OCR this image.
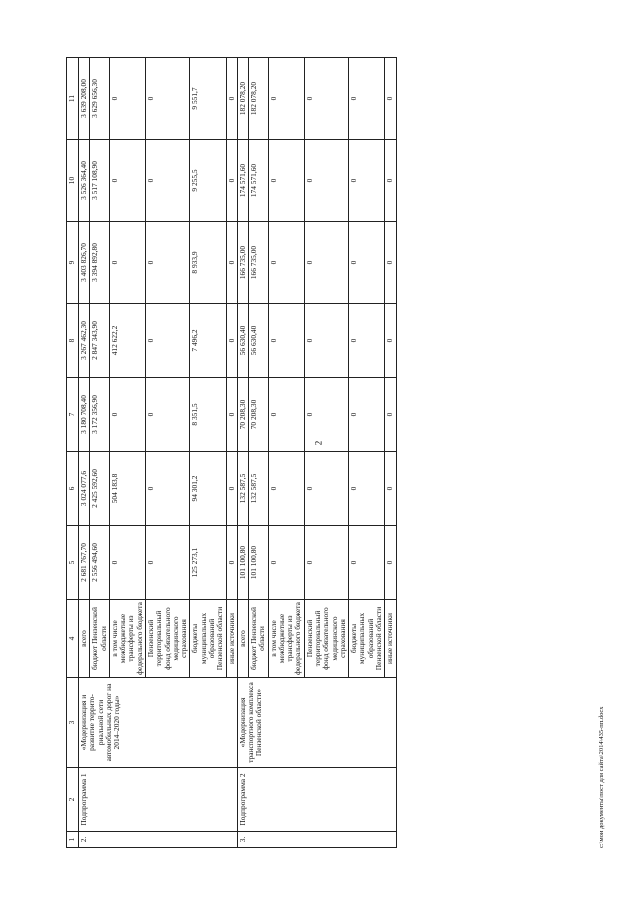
2
1	2	3	4	5	6	7	8	9	10	11
2.	Подпрограмма 1	«Модернизация и развитие террито-риальной сети автомобильных дорог на 2014–2020 годы»	всего	2 681 767,70	3 024 077,6	3 180 708,40	3 267 462,30	3 403 826,70	3 526 364,40	3 639 208,00
			бюджет Пензенской области	2 556 494,60	2 425 592,60	3 172 356,90	2 847 343,90	3 394 892,80	3 517 108,90	3 629 656,30
			в том числе межбюджетные трансферты из федерального бюджета	0	504 183,8	0	412 622,2	0	0	0
			Пензенский территориальный фонд обязательного медицинского страхования	0	0	0	0	0	0	0
			бюджеты муниципальных образований Пензенской области	125 273,1	94 301,2	8 351,5	7 496,2	8 933,9	9 255,5	9 551,7
			иные источники	0	0	0	0	0	0	0
3.	Подпрограмма 2	«Модернизация транспортного комплекса Пензенской области»	всего	101 100,80	132 587,5	70 208,30	56 630,40	166 735,00	174 571,60	182 078,20
			бюджет Пензенской области	101 100,80	132 587,5	70 208,30	56 630,40	166 735,00	174 571,60	182 078,20
			в том числе межбюджетные трансферты из федерального бюджета	0	0	0	0	0	0	0
			Пензенский территориальный фонд обязательного медицинского страхования	0	0	0	0	0	0	0
			бюджеты муниципальных образований Пензенской области	0	0	0	0	0	0	0
			иные источники	0	0	0	0	0	0	0
с:\мои документы\пост для сайта\2014\435-пп.docx
